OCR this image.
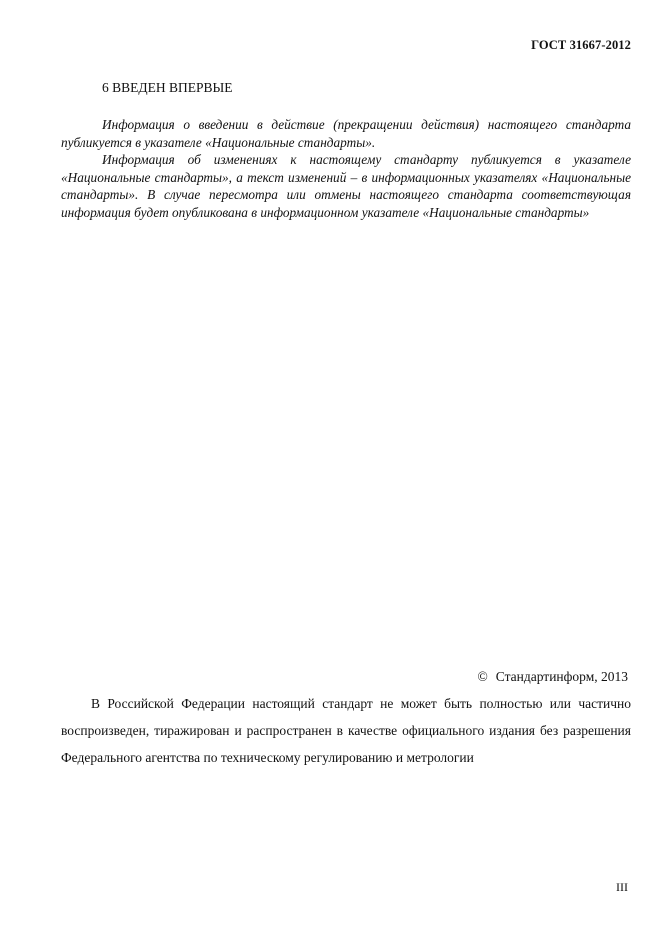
ГОСТ 31667-2012
6 ВВЕДЕН ВПЕРВЫЕ

Информация о введении в действие (прекращении действия) настоящего стандарта публикуется в указателе «Национальные стандарты».

Информация об изменениях к настоящему стандарту публикуется в указателе «Национальные стандарты», а текст изменений – в информационных указателях «Национальные стандарты». В случае пересмотра или отмены настоящего стандарта соответствующая информация будет опубликована в информационном указателе «Национальные стандарты»

© Стандартинформ, 2013

В Российской Федерации настоящий стандарт не может быть полностью или частично воспроизведен, тиражирован и распространен в качестве официального издания без разрешения Федерального агентства по техническому регулированию и метрологии

III
